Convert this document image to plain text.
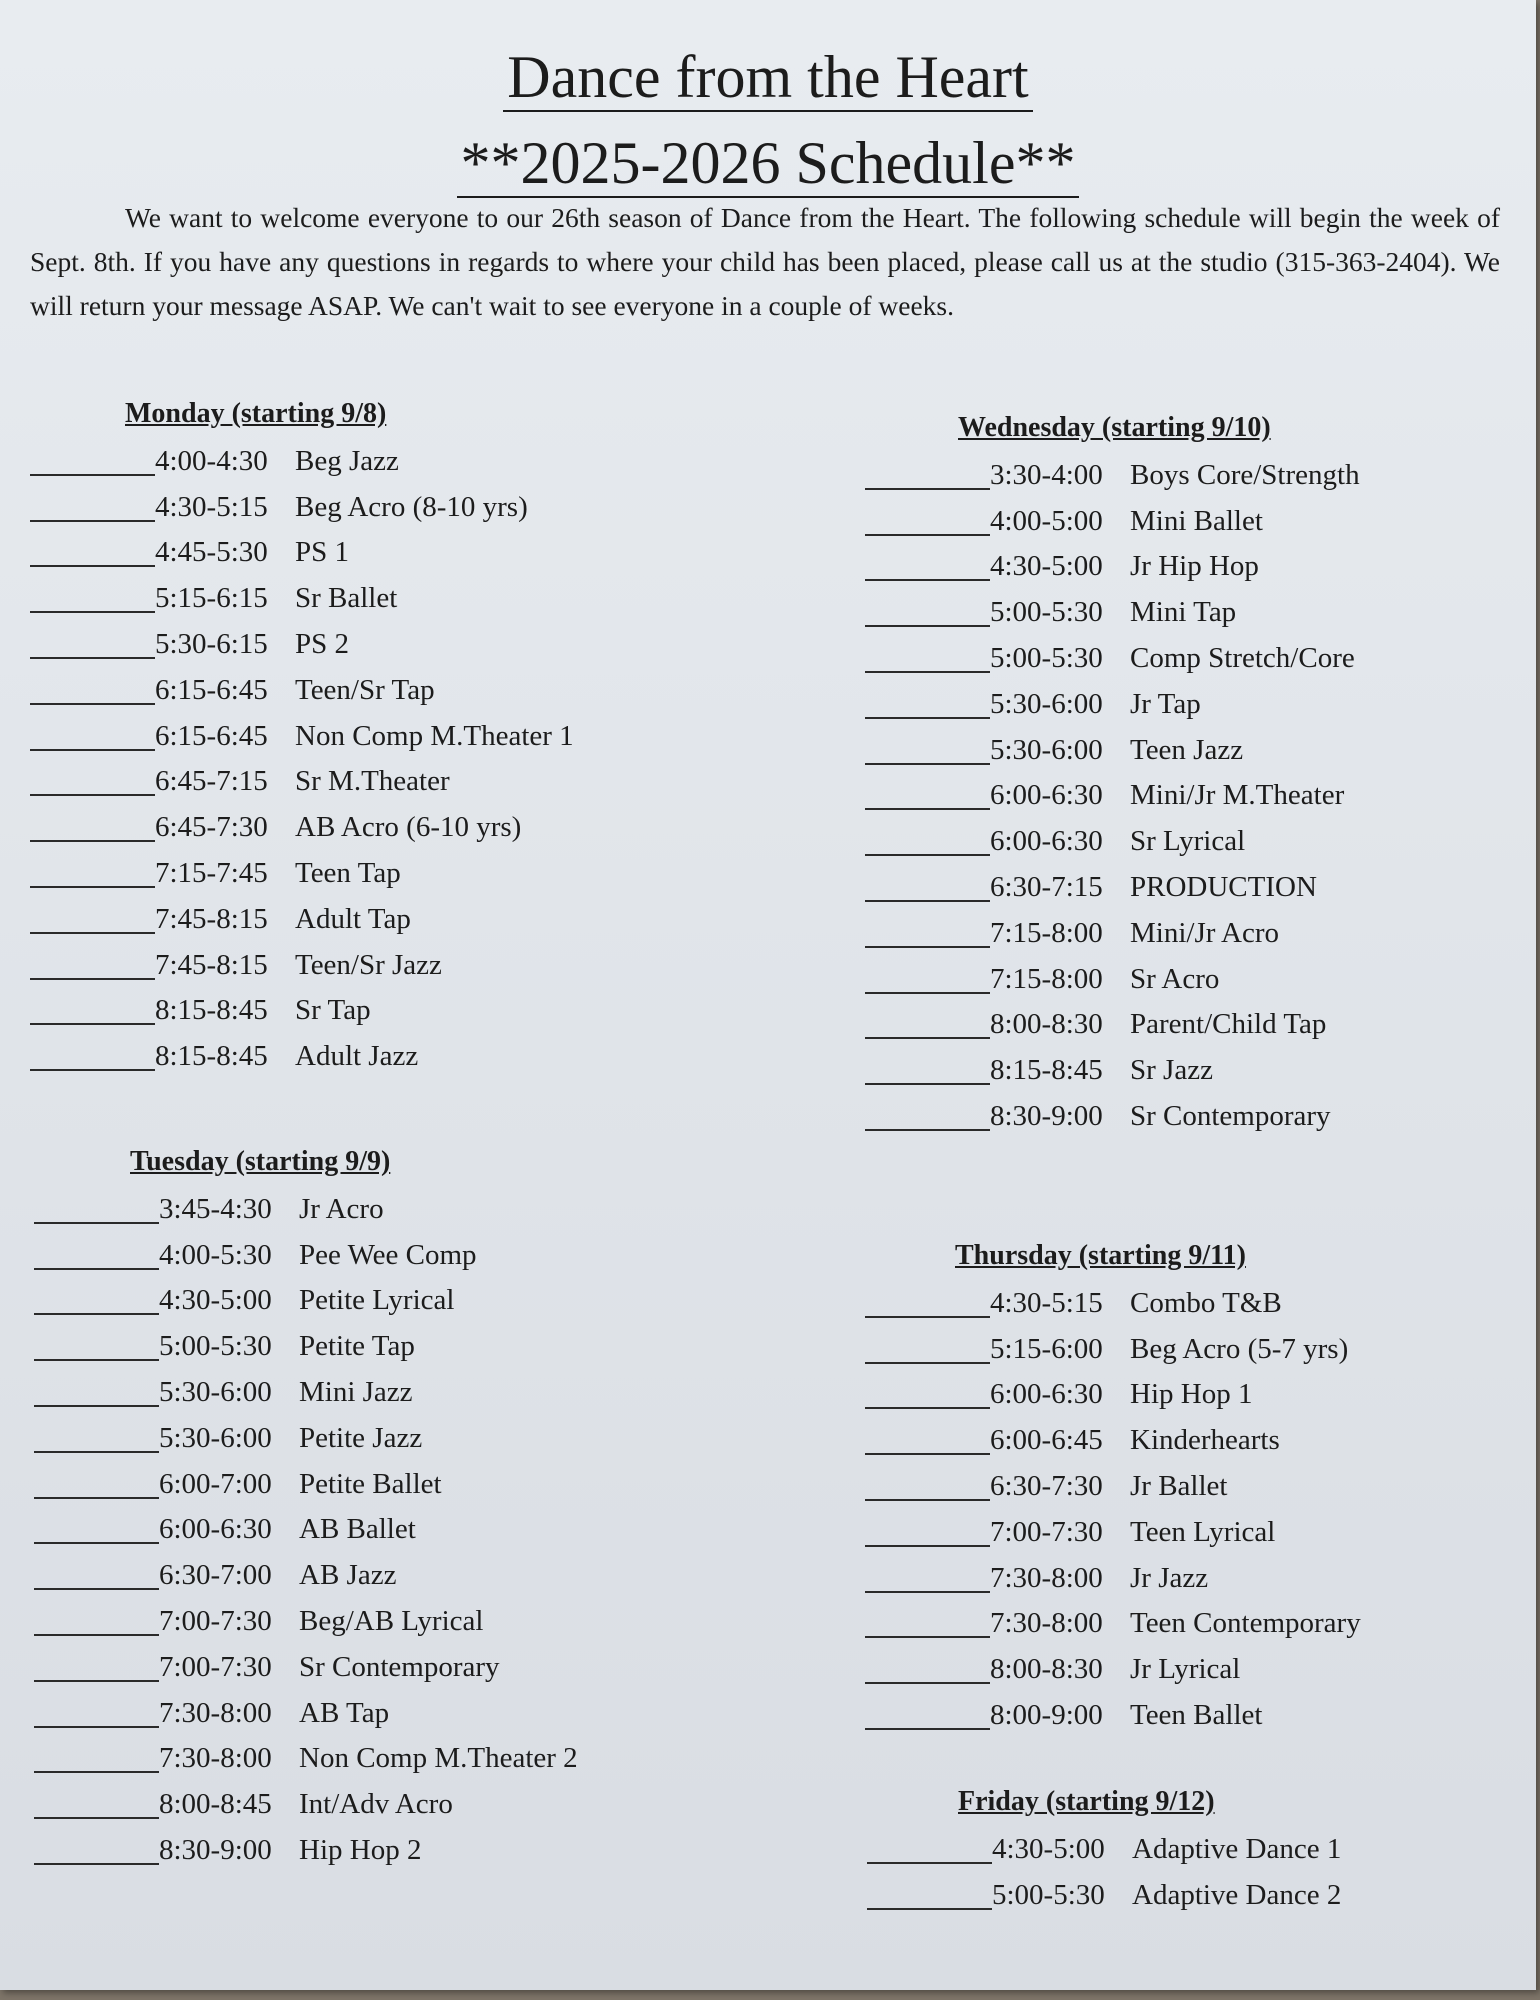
Dance from the Heart
**2025-2026 Schedule**
We want to welcome everyone to our 26th season of Dance from the Heart. The following schedule will begin the week of Sept. 8th. If you have any questions in regards to where your child has been placed, please call us at the studio (315-363-2404). We will return your message ASAP. We can't wait to see everyone in a couple of weeks.
Monday (starting 9/8)
4:00-4:30 Beg Jazz
4:30-5:15 Beg Acro (8-10 yrs)
4:45-5:30 PS 1
5:15-6:15 Sr Ballet
5:30-6:15 PS 2
6:15-6:45 Teen/Sr Tap
6:15-6:45 Non Comp M.Theater 1
6:45-7:15 Sr M.Theater
6:45-7:30 AB Acro (6-10 yrs)
7:15-7:45 Teen Tap
7:45-8:15 Adult Tap
7:45-8:15 Teen/Sr Jazz
8:15-8:45 Sr Tap
8:15-8:45 Adult Jazz
Tuesday (starting 9/9)
3:45-4:30 Jr Acro
4:00-5:30 Pee Wee Comp
4:30-5:00 Petite Lyrical
5:00-5:30 Petite Tap
5:30-6:00 Mini Jazz
5:30-6:00 Petite Jazz
6:00-7:00 Petite Ballet
6:00-6:30 AB Ballet
6:30-7:00 AB Jazz
7:00-7:30 Beg/AB Lyrical
7:00-7:30 Sr Contemporary
7:30-8:00 AB Tap
7:30-8:00 Non Comp M.Theater 2
8:00-8:45 Int/Adv Acro
8:30-9:00 Hip Hop 2
Wednesday (starting 9/10)
3:30-4:00 Boys Core/Strength
4:00-5:00 Mini Ballet
4:30-5:00 Jr Hip Hop
5:00-5:30 Mini Tap
5:00-5:30 Comp Stretch/Core
5:30-6:00 Jr Tap
5:30-6:00 Teen Jazz
6:00-6:30 Mini/Jr M.Theater
6:00-6:30 Sr Lyrical
6:30-7:15 PRODUCTION
7:15-8:00 Mini/Jr Acro
7:15-8:00 Sr Acro
8:00-8:30 Parent/Child Tap
8:15-8:45 Sr Jazz
8:30-9:00 Sr Contemporary
Thursday (starting 9/11)
4:30-5:15 Combo T&B
5:15-6:00 Beg Acro (5-7 yrs)
6:00-6:30 Hip Hop 1
6:00-6:45 Kinderhearts
6:30-7:30 Jr Ballet
7:00-7:30 Teen Lyrical
7:30-8:00 Jr Jazz
7:30-8:00 Teen Contemporary
8:00-8:30 Jr Lyrical
8:00-9:00 Teen Ballet
Friday (starting 9/12)
4:30-5:00 Adaptive Dance 1
5:00-5:30 Adaptive Dance 2
